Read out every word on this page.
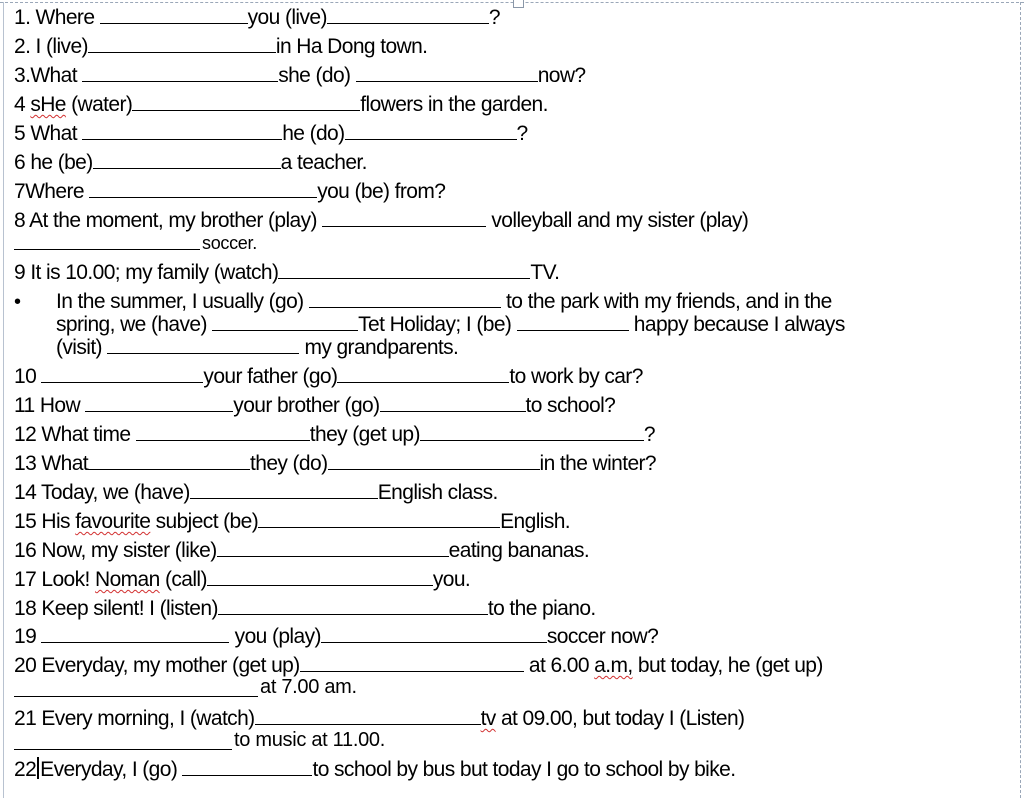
1. Where	you (live)	?
2. I (live)	in Ha Dong town.
3.What	she (do)	now?
4 sHe (water)	flowers in the garden.
5 What	he (do)	?
6 he (be)	a teacher.
7Where	you (be) from?
8 At the moment, my brother (play)	volleyball and my sister (play)
soccer.
9 It is 10.00; my family (watch)	TV.
• In the summer, I usually (go)	to the park with my friends, and in the
spring, we (have)	Tet Holiday; I (be)	happy because I always
(visit)	my grandparents.
10	your father (go)	to work by car?
11 How	your brother (go)	to school?
12 What time	they (get up)	?
13 What	they (do)	in the winter?
14 Today, we (have)	English class.
15 His favourite subject (be)	English.
16 Now, my sister (like)	eating bananas.
17 Look! Noman (call)	you.
18 Keep silent! I (listen)	to the piano.
19	you (play)	soccer now?
20 Everyday, my mother (get up)	at 6.00 a.m, but today, he (get up)
at 7.00 am.
21 Every morning, I (watch)	tv at 09.00, but today I (Listen)
to music at 11.00.
22 Everyday, I (go)	to school by bus but today I go to school by bike.
